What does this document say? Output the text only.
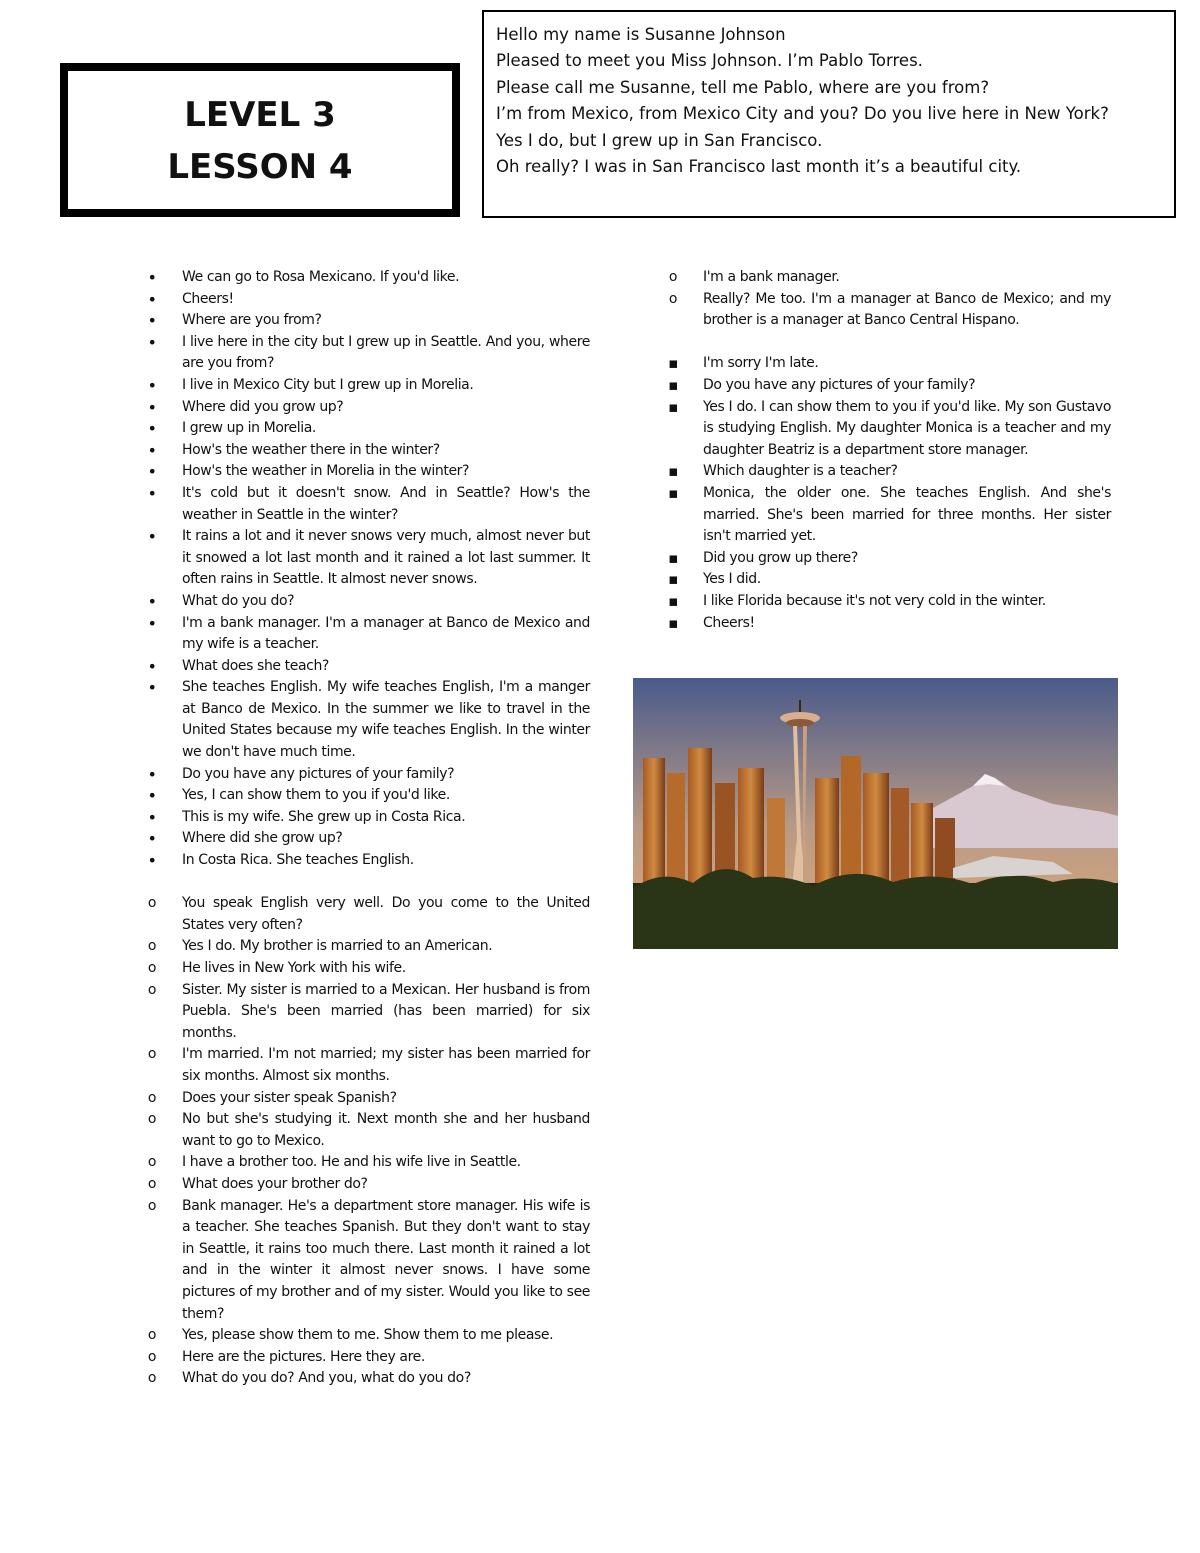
LEVEL 3
LESSON 4
Hello my name is Susanne Johnson
Pleased to meet you Miss Johnson. I’m Pablo Torres.
Please call me Susanne, tell me Pablo, where are you from?
I’m from Mexico, from Mexico City and you? Do you live here in New York?
Yes I do, but I grew up in San Francisco.
Oh really? I was in San Francisco last month it’s a beautiful city.
•
We can go to Rosa Mexicano. If you'd like.
•
Cheers!
•
Where are you from?
•
I live here in the city but I grew up in Seattle. And you, where are you from?
•
I live in Mexico City but I grew up in Morelia.
•
Where did you grow up?
•
I grew up in Morelia.
•
How's the weather there in the winter?
•
How's the weather in Morelia in the winter?
•
It's cold but it doesn't snow. And in Seattle? How's the weather in Seattle in the winter?
•
It rains a lot and it never snows very much, almost never but it snowed a lot last month and it rained a lot last summer. It often rains in Seattle. It almost never snows.
•
What do you do?
•
I'm a bank manager. I'm a manager at Banco de Mexico and my wife is a teacher.
•
What does she teach?
•
She teaches English. My wife teaches English, I'm a manger at Banco de Mexico. In the summer we like to travel in the United States because my wife teaches English. In the winter we don't have much time.
•
Do you have any pictures of your family?
•
Yes, I can show them to you if you'd like.
•
This is my wife. She grew up in Costa Rica.
•
Where did she grow up?
•
In Costa Rica. She teaches English.
o
You speak English very well. Do you come to the United States very often?
o
Yes I do. My brother is married to an American.
o
He lives in New York with his wife.
o
Sister. My sister is married to a Mexican. Her husband is from Puebla. She's been married (has been married) for six months.
o
I'm married. I'm not married; my sister has been married for six months. Almost six months.
o
Does your sister speak Spanish?
o
No but she's studying it. Next month she and her husband want to go to Mexico.
o
I have a brother too. He and his wife live in Seattle.
o
What does your brother do?
o
Bank manager. He's a department store manager. His wife is a teacher. She teaches Spanish. But they don't want to stay in Seattle, it rains too much there. Last month it rained a lot and in the winter it almost never snows. I have some pictures of my brother and of my sister. Would you like to see them?
o
Yes, please show them to me. Show them to me please.
o
Here are the pictures. Here they are.
o
What do you do? And you, what do you do?
o
I'm a bank manager.
o
Really? Me too. I'm a manager at Banco de Mexico; and my brother is a manager at Banco Central Hispano.
▪
I'm sorry I'm late.
▪
Do you have any pictures of your family?
▪
Yes I do. I can show them to you if you'd like. My son Gustavo is studying English. My daughter Monica is a teacher and my daughter Beatriz is a department store manager.
▪
Which daughter is a teacher?
▪
Monica, the older one. She teaches English. And she's married. She's been married for three months. Her sister isn't married yet.
▪
Did you grow up there?
▪
Yes I did.
▪
I like Florida because it's not very cold in the winter.
▪
Cheers!
